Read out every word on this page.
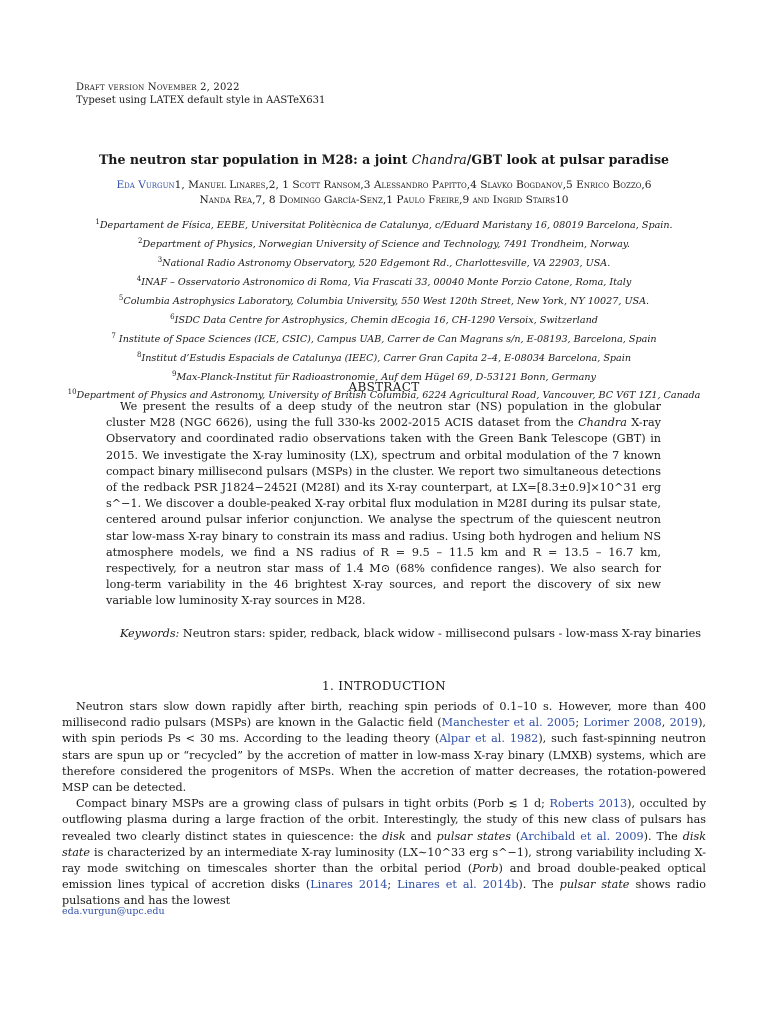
Draft version November 2, 2022
Typeset using LATEX default style in AASTeX631
The neutron star population in M28: a joint Chandra/GBT look at pulsar paradise
Eda Vurgun1, Manuel Linares,2, 1 Scott Ransom,3 Alessandro Papitto,4 Slavko Bogdanov,5 Enrico Bozzo,6
Nanda Rea,7, 8 Domingo García-Senz,1 Paulo Freire,9 and Ingrid Stairs10
$^1$Departament de Física, EEBE, Universitat Politècnica de Catalunya, c/Eduard Maristany 16, 08019 Barcelona, Spain.
$^2$Department of Physics, Norwegian University of Science and Technology, 7491 Trondheim, Norway.
$^3$National Radio Astronomy Observatory, 520 Edgemont Rd., Charlottesville, VA 22903, USA.
$^4$INAF – Osservatorio Astronomico di Roma, Via Frascati 33, 00040 Monte Porzio Catone, Roma, Italy
$^5$Columbia Astrophysics Laboratory, Columbia University, 550 West 120th Street, New York, NY 10027, USA.
$^6$ISDC Data Centre for Astrophysics, Chemin dEcogia 16, CH-1290 Versoix, Switzerland
$^7$ Institute of Space Sciences (ICE, CSIC), Campus UAB, Carrer de Can Magrans s/n, E-08193, Barcelona, Spain
$^8$Institut d’Estudis Espacials de Catalunya (IEEC), Carrer Gran Capita 2–4, E-08034 Barcelona, Spain
$^9$Max-Planck-Institut für Radioastronomie, Auf dem Hügel 69, D-53121 Bonn, Germany
$^{10}$Department of Physics and Astronomy, University of British Columbia, 6224 Agricultural Road, Vancouver, BC V6T 1Z1, Canada
ABSTRACT
We present the results of a deep study of the neutron star (NS) population in the globular cluster M28 (NGC 6626), using the full 330-ks 2002-2015 ACIS dataset from the Chandra X-ray Observatory and coordinated radio observations taken with the Green Bank Telescope (GBT) in 2015. We investigate the X-ray luminosity (LX), spectrum and orbital modulation of the 7 known compact binary millisecond pulsars (MSPs) in the cluster. We report two simultaneous detections of the redback PSR J1824−2452I (M28I) and its X-ray counterpart, at LX=[8.3±0.9]×10^31 erg s^−1. We discover a double-peaked X-ray orbital flux modulation in M28I during its pulsar state, centered around pulsar inferior conjunction. We analyse the spectrum of the quiescent neutron star low-mass X-ray binary to constrain its mass and radius. Using both hydrogen and helium NS atmosphere models, we find a NS radius of R = 9.5 – 11.5 km and R = 13.5 – 16.7 km, respectively, for a neutron star mass of 1.4 M⊙ (68% confidence ranges). We also search for long-term variability in the 46 brightest X-ray sources, and report the discovery of six new variable low luminosity X-ray sources in M28.
Keywords: Neutron stars: spider, redback, black widow - millisecond pulsars - low-mass X-ray binaries
1. INTRODUCTION

Neutron stars slow down rapidly after birth, reaching spin periods of 0.1–10 s. However, more than 400 millisecond radio pulsars (MSPs) are known in the Galactic field (Manchester et al. 2005; Lorimer 2008, 2019), with spin periods Ps < 30 ms. According to the leading theory (Alpar et al. 1982), such fast-spinning neutron stars are spun up or “recycled” by the accretion of matter in low-mass X-ray binary (LMXB) systems, which are therefore considered the progenitors of MSPs. When the accretion of matter decreases, the rotation-powered MSP can be detected.

Compact binary MSPs are a growing class of pulsars in tight orbits (Porb ≲ 1 d; Roberts 2013), occulted by outflowing plasma during a large fraction of the orbit. Interestingly, the study of this new class of pulsars has revealed two clearly distinct states in quiescence: the disk and pulsar states (Archibald et al. 2009). The disk state is characterized by an intermediate X-ray luminosity (LX∼10^33 erg s^−1), strong variability including X-ray mode switching on timescales shorter than the orbital period (Porb) and broad double-peaked optical emission lines typical of accretion disks (Linares 2014; Linares et al. 2014b). The pulsar state shows radio pulsations and has the lowest

eda.vurgun@upc.edu
